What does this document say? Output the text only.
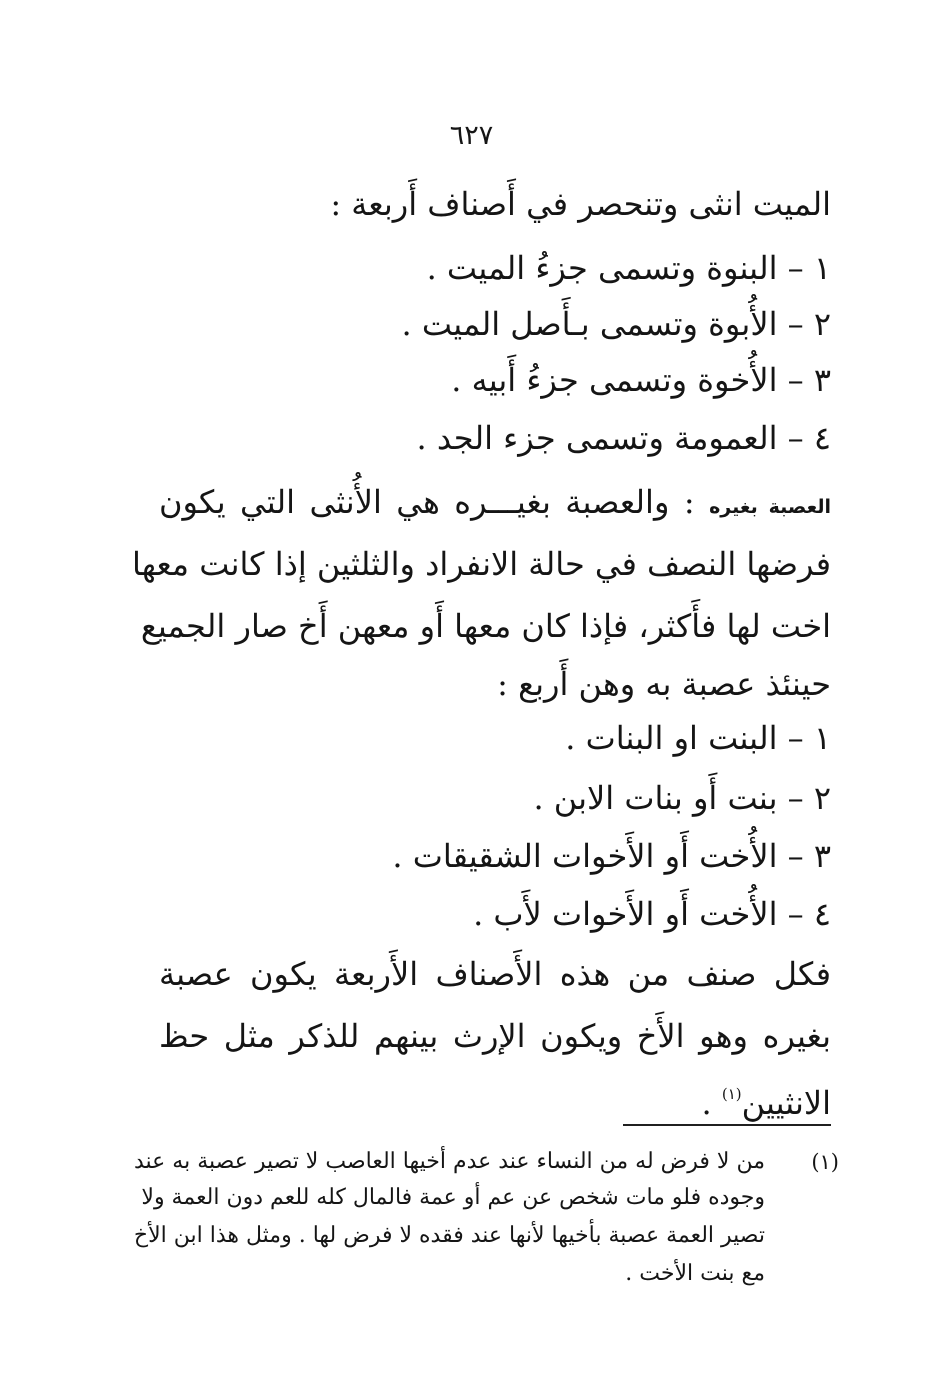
٦٢٧
الميت انثى وتنحصر في أَصناف أَربعة :
١ – البنوة وتسمى جزءُ الميت .
٢ – الأُبوة وتسمى بـأَصل الميت .
٣ – الأُخوة وتسمى جزءُ أَبيه .
٤ – العمومة وتسمى جزء الجد .
العصبة بغيره : والعصبة بغيـــره هي الأُنثى التي يكون
فرضها النصف في حالة الانفراد والثلثين إذا كانت معها
اخت لها فأَكثر، فإذا كان معها أَو معهن أَخ صار الجميع
حينئذ عصبة به وهن أَربع :
١ – البنت او البنات .
٢ – بنت أَو بنات الابن .
٣ – الأُخت أَو الأَخوات الشقيقات .
٤ – الأُخت أَو الأَخوات لأَب .
فكل صنف من هذه الأَصناف الأَربعة يكون عصبة
بغيره وهو الأَخ ويكون الإرث بينهم للذكر مثل حظ
الانثيين$^{(١)}$ .
(١)
من لا فرض له من النساء عند عدم أخيها العاصب لا تصير عصبة به عند
وجوده فلو مات شخص عن عم أو عمة فالمال كله للعم دون العمة ولا
تصير العمة عصبة بأخيها لأنها عند فقده لا فرض لها . ومثل هذا ابن الأخ
مع بنت الأخت .
